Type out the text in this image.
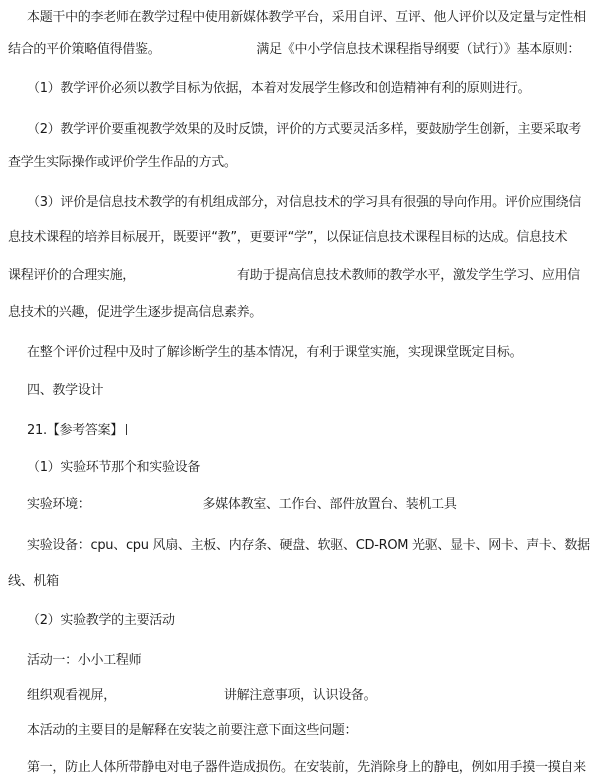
本题干中的李老师在教学过程中使用新媒体教学平台，采用自评、互评、他人评价以及定量与定性相
结合的平价策略值得借鉴。	满足《中小学信息技术课程指导纲要（试行）》基本原则：
（1）教学评价必须以教学目标为依据，本着对发展学生修改和创造精神有利的原则进行。
（2）教学评价要重视教学效果的及时反馈，评价的方式要灵活多样，要鼓励学生创新，主要采取考
查学生实际操作或评价学生作品的方式。
（3）评价是信息技术教学的有机组成部分，对信息技术的学习具有很强的导向作用。评价应围绕信
息技术课程的培养目标展开，既要评“教”，更要评“学”，以保证信息技术课程目标的达成。信息技术
课程评价的合理实施，	有助于提高信息技术教师的教学水平，激发学生学习、应用信
息技术的兴趣，促进学生逐步提高信息素养。
在整个评价过程中及时了解诊断学生的基本情况，有利于课堂实施，实现课堂既定目标。
四、教学设计
21.【参考答案】
（1）实验环节那个和实验设备
实验环境：	多媒体教室、工作台、部件放置台、装机工具
实验设备：cpu、cpu 风扇、主板、内存条、硬盘、软驱、CD-ROM 光驱、显卡、网卡、声卡、数据
线、机箱
（2）实验教学的主要活动
活动一：小小工程师
组织观看视屏，	讲解注意事项，认识设备。
本活动的主要目的是解释在安装之前要注意下面这些问题：
第一，防止人体所带静电对电子器件造成损伤。在安装前，先消除身上的静电，例如用手摸一摸自来
